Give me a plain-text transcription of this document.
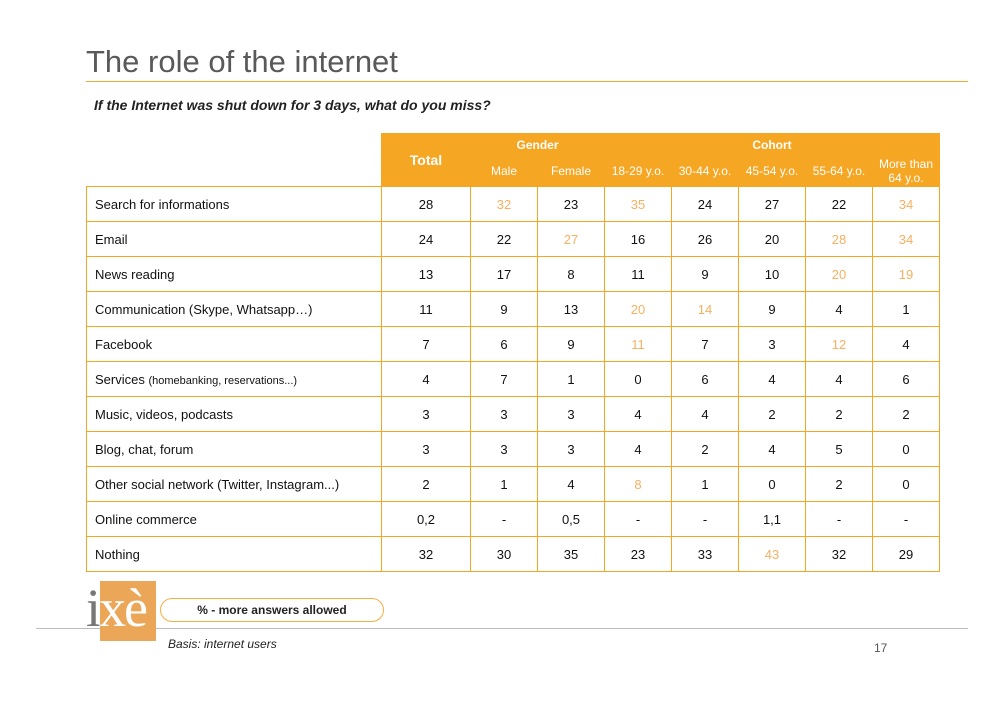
The role of the internet
If the Internet was shut down for 3 days, what do you miss?
	Total	Gender		Cohort				
		Male	Female	18-29 y.o.	30-44 y.o.	45-54 y.o.	55-64 y.o.	More than 64 y.o.
Search for informations	28	32	23	35	24	27	22	34
Email	24	22	27	16	26	20	28	34
News reading	13	17	8	11	9	10	20	19
Communication (Skype, Whatsapp…)	11	9	13	20	14	9	4	1
Facebook	7	6	9	11	7	3	12	4
Services (homebanking, reservations...)	4	7	1	0	6	4	4	6
Music, videos, podcasts	3	3	3	4	4	2	2	2
Blog, chat, forum	3	3	3	4	2	4	5	0
Other social network (Twitter, Instagram...)	2	1	4	8	1	0	2	0
Online commerce	0,2	-	0,5	-	-	1,1	-	-
Nothing	32	30	35	23	33	43	32	29
ixè	% - more answers allowed
Basis: internet users	17
